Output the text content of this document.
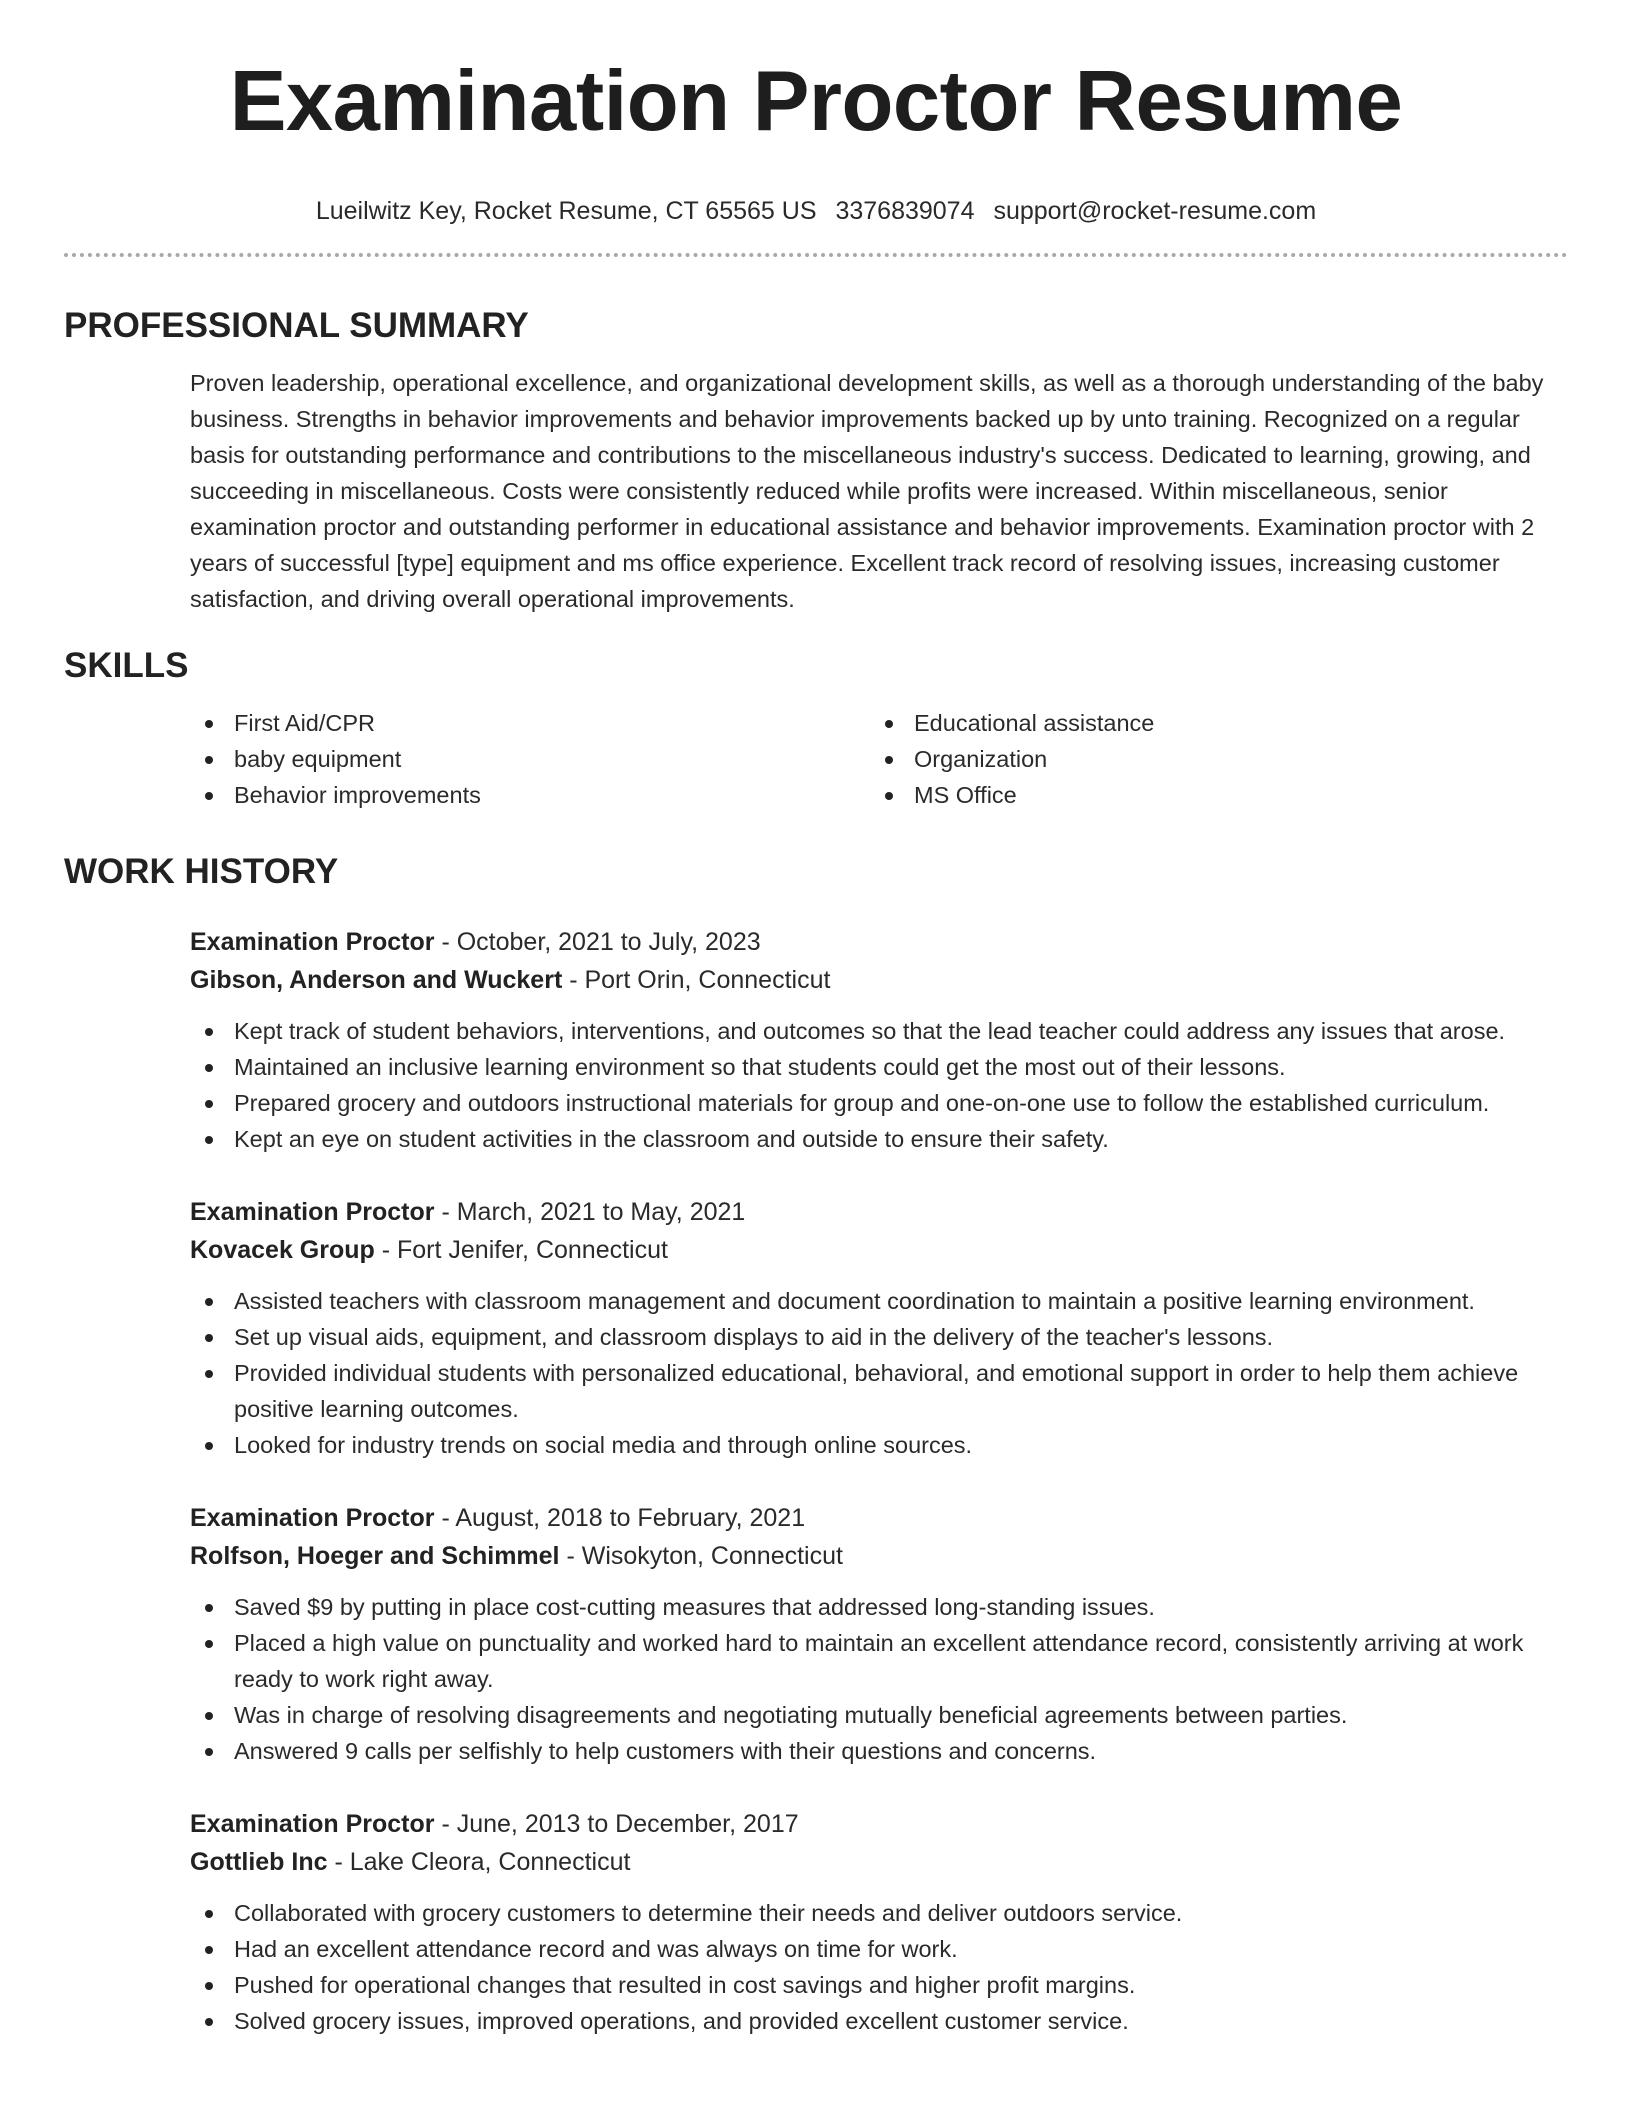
Examination Proctor Resume
Lueilwitz Key, Rocket Resume, CT 65565 US 3376839074 support@rocket-resume.com
PROFESSIONAL SUMMARY

Proven leadership, operational excellence, and organizational development skills, as well as a thorough understanding of the baby business. Strengths in behavior improvements and behavior improvements backed up by unto training. Recognized on a regular basis for outstanding performance and contributions to the miscellaneous industry's success. Dedicated to learning, growing, and succeeding in miscellaneous. Costs were consistently reduced while profits were increased. Within miscellaneous, senior examination proctor and outstanding performer in educational assistance and behavior improvements. Examination proctor with 2 years of successful [type] equipment and ms office experience. Excellent track record of resolving issues, increasing customer satisfaction, and driving overall operational improvements.

SKILLS
First Aid/CPR
baby equipment
Behavior improvements
Educational assistance
Organization
MS Office
WORK HISTORY
Examination Proctor - October, 2021 to July, 2023
Gibson, Anderson and Wuckert - Port Orin, Connecticut
Kept track of student behaviors, interventions, and outcomes so that the lead teacher could address any issues that arose.
Maintained an inclusive learning environment so that students could get the most out of their lessons.
Prepared grocery and outdoors instructional materials for group and one-on-one use to follow the established curriculum.
Kept an eye on student activities in the classroom and outside to ensure their safety.
Examination Proctor - March, 2021 to May, 2021
Kovacek Group - Fort Jenifer, Connecticut
Assisted teachers with classroom management and document coordination to maintain a positive learning environment.
Set up visual aids, equipment, and classroom displays to aid in the delivery of the teacher's lessons.
Provided individual students with personalized educational, behavioral, and emotional support in order to help them achieve positive learning outcomes.
Looked for industry trends on social media and through online sources.
Examination Proctor - August, 2018 to February, 2021
Rolfson, Hoeger and Schimmel - Wisokyton, Connecticut
Saved $9 by putting in place cost-cutting measures that addressed long-standing issues.
Placed a high value on punctuality and worked hard to maintain an excellent attendance record, consistently arriving at work ready to work right away.
Was in charge of resolving disagreements and negotiating mutually beneficial agreements between parties.
Answered 9 calls per selfishly to help customers with their questions and concerns.
Examination Proctor - June, 2013 to December, 2017
Gottlieb Inc - Lake Cleora, Connecticut
Collaborated with grocery customers to determine their needs and deliver outdoors service.
Had an excellent attendance record and was always on time for work.
Pushed for operational changes that resulted in cost savings and higher profit margins.
Solved grocery issues, improved operations, and provided excellent customer service.
